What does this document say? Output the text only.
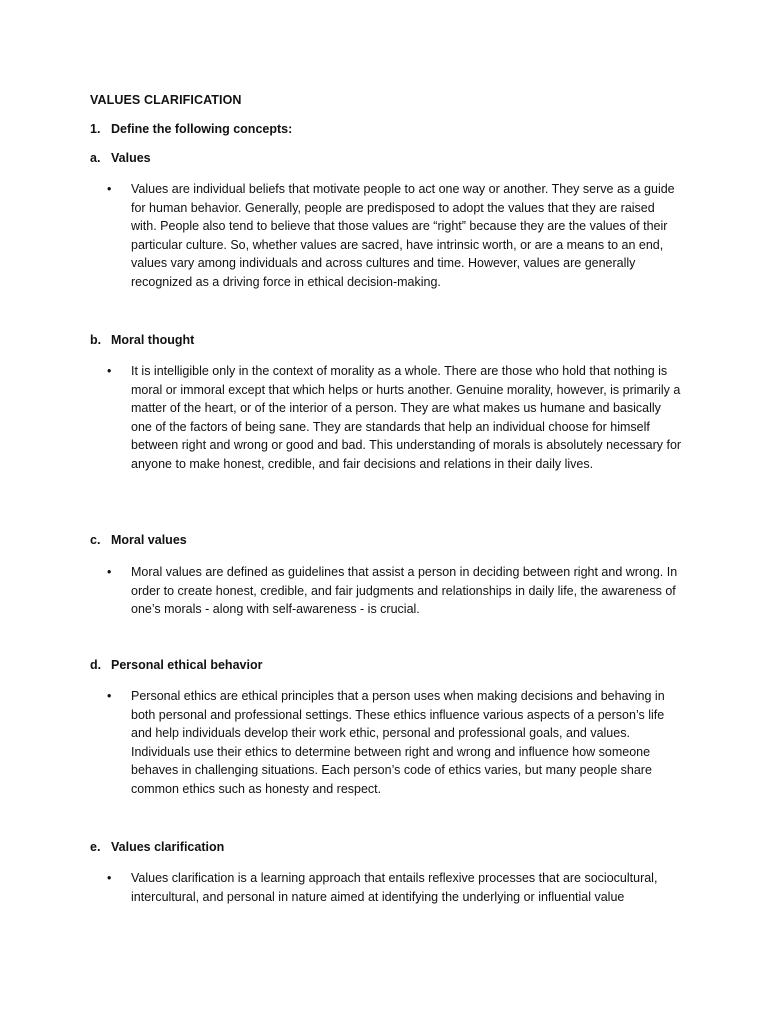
VALUES CLARIFICATION
1. Define the following concepts:
a. Values
•	Values are individual beliefs that motivate people to act one way or another. They serve as a guide for human behavior. Generally, people are predisposed to adopt the values that they are raised with. People also tend to believe that those values are “right” because they are the values of their particular culture. So, whether values are sacred, have intrinsic worth, or are a means to an end, values vary among individuals and across cultures and time. However, values are generally recognized as a driving force in ethical decision-making.
b. Moral thought
•	It is intelligible only in the context of morality as a whole. There are those who hold that nothing is moral or immoral except that which helps or hurts another. Genuine morality, however, is primarily a matter of the heart, or of the interior of a person. They are what makes us humane and basically one of the factors of being sane. They are standards that help an individual choose for himself between right and wrong or good and bad. This understanding of morals is absolutely necessary for anyone to make honest, credible, and fair decisions and relations in their daily lives.
c. Moral values
•	Moral values are defined as guidelines that assist a person in deciding between right and wrong. In order to create honest, credible, and fair judgments and relationships in daily life, the awareness of one’s morals - along with self-awareness - is crucial.
d. Personal ethical behavior
•	Personal ethics are ethical principles that a person uses when making decisions and behaving in both personal and professional settings. These ethics influence various aspects of a person’s life and help individuals develop their work ethic, personal and professional goals, and values. Individuals use their ethics to determine between right and wrong and influence how someone behaves in challenging situations. Each person’s code of ethics varies, but many people share common ethics such as honesty and respect.
e. Values clarification
•	Values clarification is a learning approach that entails reflexive processes that are sociocultural, intercultural, and personal in nature aimed at identifying the underlying or influential value
